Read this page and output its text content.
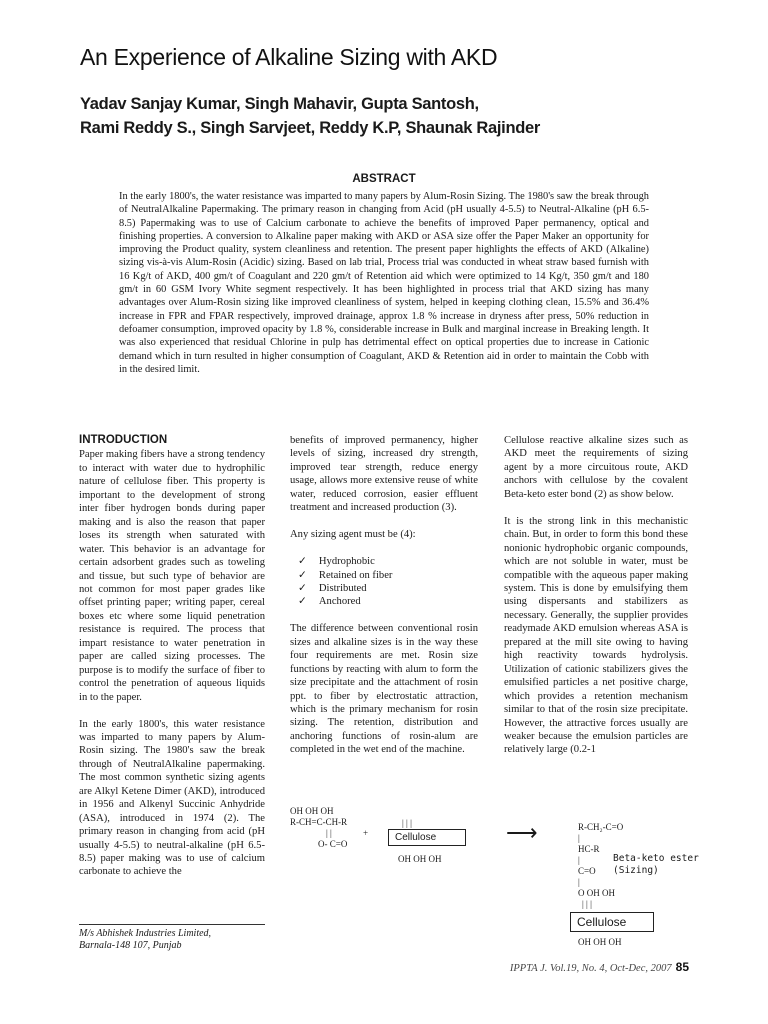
An Experience of Alkaline Sizing with AKD
Yadav Sanjay Kumar, Singh Mahavir, Gupta Santosh,
Rami Reddy S., Singh Sarvjeet, Reddy K.P, Shaunak Rajinder
ABSTRACT
In the early 1800's, the water resistance was imparted to many papers by Alum-Rosin Sizing. The 1980's saw the break through of NeutralAlkaline Papermaking. The primary reason in changing from Acid (pH usually 4-5.5) to Neutral-Alkaline (pH 6.5-8.5) Papermaking was to use of Calcium carbonate to achieve the benefits of improved Paper permanency, optical and finishing properties. A conversion to Alkaline paper making with AKD or ASA size offer the Paper Maker an opportunity for improving the Product quality, system cleanliness and retention. The present paper highlights the effects of AKD (Alkaline) sizing vis-à-vis Alum-Rosin (Acidic) sizing. Based on lab trial, Process trial was conducted in wheat straw based furnish with 16 Kg/t of AKD, 400 gm/t of Coagulant and 220 gm/t of Retention aid which were optimized to 14 Kg/t, 350 gm/t and 180 gm/t in 60 GSM Ivory White segment respectively. It has been highlighted in process trial that AKD sizing has many advantages over Alum-Rosin sizing like improved cleanliness of system, helped in keeping clothing clean, 15.5% and 36.4% increase in FPR and FPAR respectively, improved drainage, approx 1.8 % increase in dryness after press, 50% reduction in defoamer consumption, improved opacity by 1.8 %, considerable increase in Bulk and marginal increase in Breaking length. It was also experienced that residual Chlorine in pulp has detrimental effect on optical properties due to increase in Cationic demand which in turn resulted in higher consumption of Coagulant, AKD & Retention aid in order to maintain the Cobb with in the desired limit.
INTRODUCTION

Paper making fibers have a strong tendency to interact with water due to hydrophilic nature of cellulose fiber. This property is important to the development of strong inter fiber hydrogen bonds during paper making and is also the reason that paper loses its strength when saturated with water. This behavior is an advantage for certain adsorbent grades such as toweling and tissue, but such type of behavior are not common for most paper grades like offset printing paper; writing paper, cereal boxes etc where some liquid penetration resistance is required. The process that impart resistance to water penetration in paper are called sizing processes. The purpose is to modify the surface of fiber to control the penetration of aqueous liquids in to the paper.

In the early 1800's, this water resistance was imparted to many papers by Alum-Rosin sizing. The 1980's saw the break through of NeutralAlkaline papermaking. The most common synthetic sizing agents are Alkyl Ketene Dimer (AKD), introduced in 1956 and Alkenyl Succinic Anhydride (ASA), introduced in 1974 (2). The primary reason in changing from acid (pH usually 4-5.5) to neutral-alkaline (pH 6.5-8.5) paper making was to use of calcium carbonate to achieve the

benefits of improved permanency, higher levels of sizing, increased dry strength, improved tear strength, reduce energy usage, allows more extensive reuse of white water, reduced corrosion, easier effluent treatment and increased production (3).

Any sizing agent must be (4):

✓ Hydrophobic
✓ Retained on fiber
✓ Distributed
✓ Anchored

The difference between conventional rosin sizes and alkaline sizes is in the way these four requirements are met. Rosin size functions by reacting with alum to form the size precipitate and the attachment of rosin ppt. to fiber by electrostatic attraction, which is the primary mechanism for rosin sizing. The retention, distribution and anchoring functions of rosin-alum are completed in the wet end of the machine.

Cellulose reactive alkaline sizes such as AKD meet the requirements of sizing agent by a more circuitous route, AKD anchors with cellulose by the covalent Beta-keto ester bond (2) as show below.

It is the strong link in this mechanistic chain. But, in order to form this bond these nonionic hydrophobic organic compounds, which are not soluble in water, must be compatible with the aqueous paper making system. This is done by emulsifying them using dispersants and stabilizers as necessary. Generally, the supplier provides readymade AKD emulsion whereas ASA is prepared at the mill site owing to having high reactivity towards hydrolysis. Utilization of cationic stabilizers gives the emulsified particles a net positive charge, which provides a retention mechanism similar to that of the rosin size precipitate. However, the attractive forces usually are weaker because the emulsion particles are relatively large (0.2-1

OH OH OH
R-CH=C-CH-R
| |
O- C=O
+
| | |
Cellulose
OH OH OH
⟶	R-CH₂-C=O
|
HC-R
|
C=O
|
O OH OH
| | |
Beta-keto ester
(Sizing)
Cellulose
OH OH OH
M/s Abhishek Industries Limited,
Barnala-148 107, Punjab
IPPTA J. Vol.19, No. 4, Oct-Dec, 2007 85
